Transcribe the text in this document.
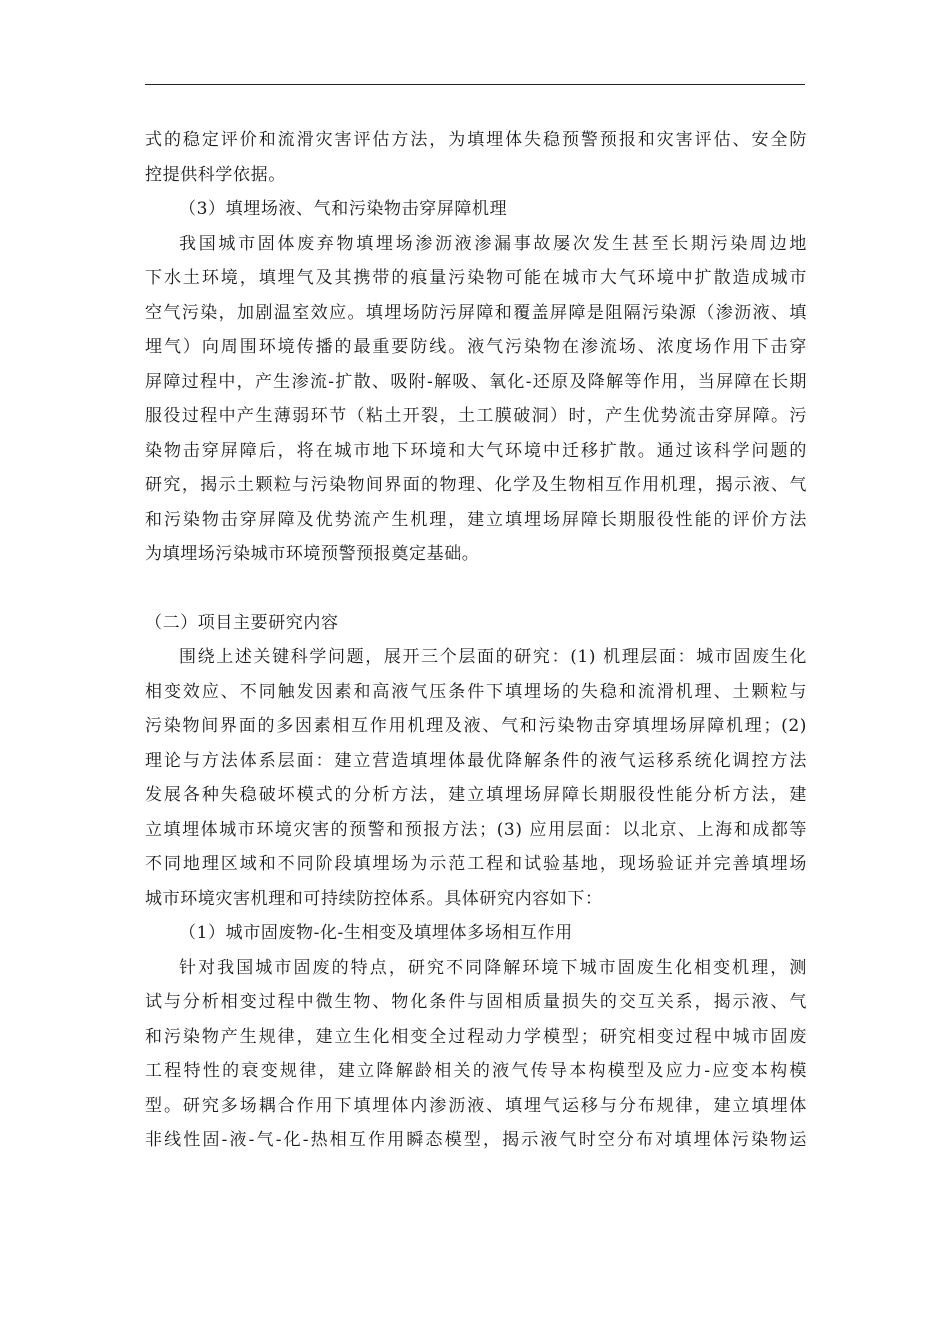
式的稳定评价和流滑灾害评估方法，为填埋体失稳预警预报和灾害评估、安全防
控提供科学依据。
（3）填埋场液、气和污染物击穿屏障机理
我国城市固体废弃物填埋场渗沥液渗漏事故屡次发生甚至长期污染周边地
下水土环境，填埋气及其携带的痕量污染物可能在城市大气环境中扩散造成城市
空气污染，加剧温室效应。填埋场防污屏障和覆盖屏障是阻隔污染源（渗沥液、填
埋气）向周围环境传播的最重要防线。液气污染物在渗流场、浓度场作用下击穿
屏障过程中，产生渗流-扩散、吸附-解吸、氧化-还原及降解等作用，当屏障在长期
服役过程中产生薄弱环节（粘土开裂，土工膜破洞）时，产生优势流击穿屏障。污
染物击穿屏障后，将在城市地下环境和大气环境中迁移扩散。通过该科学问题的
研究，揭示土颗粒与污染物间界面的物理、化学及生物相互作用机理，揭示液、气
和污染物击穿屏障及优势流产生机理，建立填埋场屏障长期服役性能的评价方法
为填埋场污染城市环境预警预报奠定基础。
（二）项目主要研究内容
围绕上述关键科学问题，展开三个层面的研究：(1) 机理层面：城市固废生化
相变效应、不同触发因素和高液气压条件下填埋场的失稳和流滑机理、土颗粒与
污染物间界面的多因素相互作用机理及液、气和污染物击穿填埋场屏障机理；(2)
理论与方法体系层面：建立营造填埋体最优降解条件的液气运移系统化调控方法
发展各种失稳破坏模式的分析方法，建立填埋场屏障长期服役性能分析方法，建
立填埋体城市环境灾害的预警和预报方法；(3) 应用层面：以北京、上海和成都等
不同地理区域和不同阶段填埋场为示范工程和试验基地，现场验证并完善填埋场
城市环境灾害机理和可持续防控体系。具体研究内容如下：
（1）城市固废物-化-生相变及填埋体多场相互作用
针对我国城市固废的特点，研究不同降解环境下城市固废生化相变机理，测
试与分析相变过程中微生物、物化条件与固相质量损失的交互关系，揭示液、气
和污染物产生规律，建立生化相变全过程动力学模型；研究相变过程中城市固废
工程特性的衰变规律，建立降解龄相关的液气传导本构模型及应力-应变本构模
型。研究多场耦合作用下填埋体内渗沥液、填埋气运移与分布规律，建立填埋体
非线性固-液-气-化-热相互作用瞬态模型，揭示液气时空分布对填埋体污染物运
